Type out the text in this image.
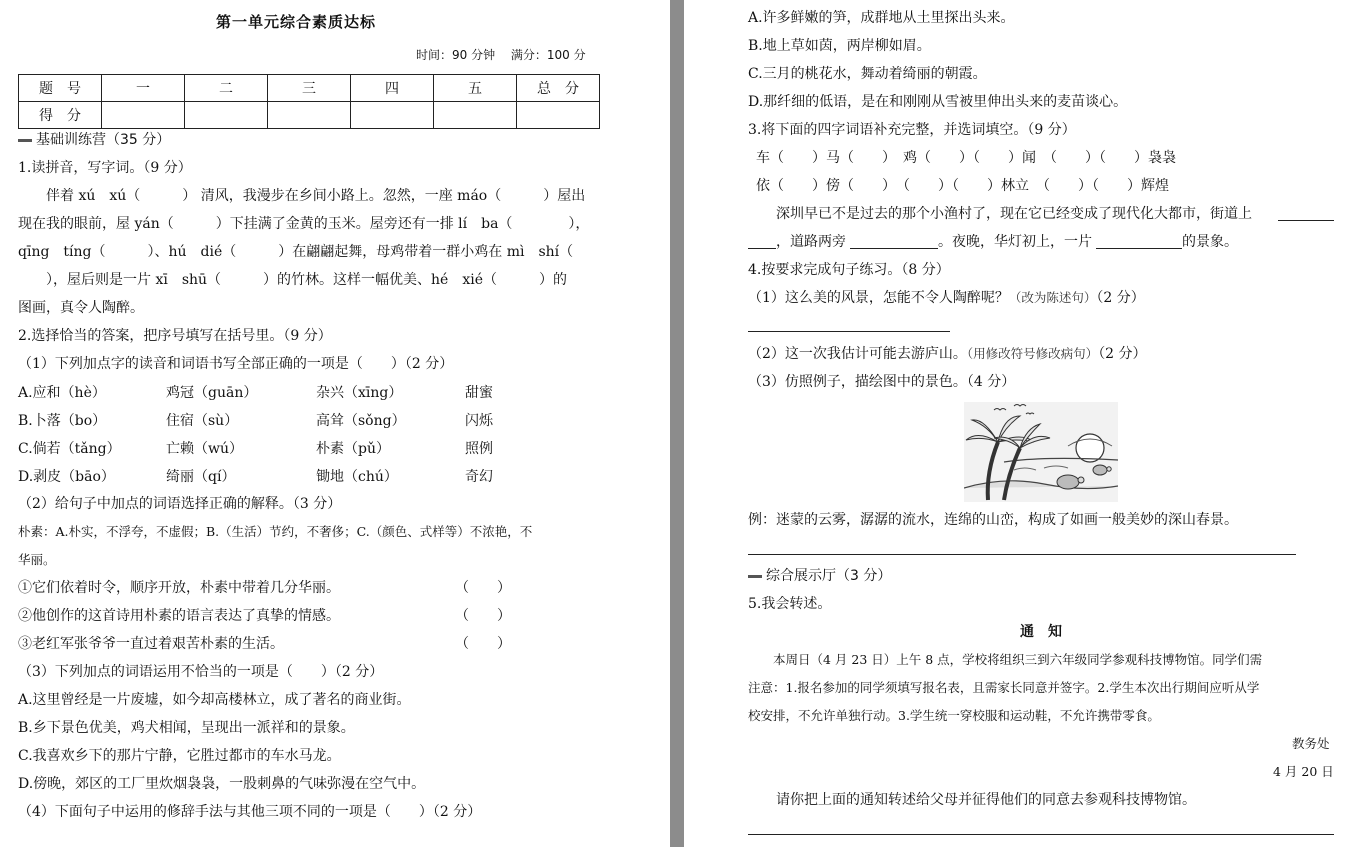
第一单元综合素质达标
时间：90 分钟　 满分：100 分
题　号	一	二	三	四	五	总　分
得　分						
基础训练营（35 分）
1.读拼音，写字词。（9 分）
　　伴着 xú　xú（　　　） 清风，我漫步在乡间小路上。忽然，一座 máo（　　　）屋出
现在我的眼前，屋 yán（　　　）下挂满了金黄的玉米。屋旁还有一排 lí　ba（　　　　），
qīng　tíng（　　　）、hú　dié（　　　）在翩翩起舞，母鸡带着一群小鸡在 mì　shí（
　　），屋后则是一片 xī　shū（　　　）的竹林。这样一幅优美、hé　xié（　　　）的
图画，真令人陶醉。
2.选择恰当的答案，把序号填写在括号里。（9 分）
（1）下列加点字的读音和词语书写全部正确的一项是（　　）（2 分）
A.应和（hè）	鸡冠（guān）	杂兴（xīng）	甜蜜
B.卜落（bo）	住宿（sù）	高耸（sǒng）	闪烁
C.倘若（tǎng）	亡赖（wú）	朴素（pǔ）	照例
D.剥皮（bāo）	绮丽（qí）	锄地（chú）	奇幻
（2）给句子中加点的词语选择正确的解释。（3 分）
朴素：A.朴实，不浮夸，不虚假；B.（生活）节约，不奢侈；C.（颜色、式样等）不浓艳，不
华丽。
①它们依着时令，顺序开放，朴素中带着几分华丽。	（　　）
②他创作的这首诗用朴素的语言表达了真挚的情感。	（　　）
③老红军张爷爷一直过着艰苦朴素的生活。	（　　）
（3）下列加点的词语运用不恰当的一项是（　　）（2 分）
A.这里曾经是一片废墟，如今却高楼林立，成了著名的商业街。
B.乡下景色优美，鸡犬相闻，呈现出一派祥和的景象。
C.我喜欢乡下的那片宁静，它胜过都市的车水马龙。
D.傍晚，郊区的工厂里炊烟袅袅，一股刺鼻的气味弥漫在空气中。
（4）下面句子中运用的修辞手法与其他三项不同的一项是（　　）（2 分）
A.许多鲜嫩的笋，成群地从土里探出头来。
B.地上草如茵，两岸柳如眉。
C.三月的桃花水，舞动着绮丽的朝霞。
D.那纤细的低语，是在和刚刚从雪被里伸出头来的麦苗谈心。
3.将下面的四字词语补充完整，并选词填空。（9 分）
车（　　）马（　　）　鸡（　　）（　　）闻　（　　）（　　）袅袅
依（　　）傍（　　）　（　　）（　　）林立　（　　）（　　）辉煌
　　深圳早已不是过去的那个小渔村了，现在它已经变成了现代化大都市，街道上
，道路两旁	。夜晚，华灯初上，一片	的景象。
4.按要求完成句子练习。（8 分）
（1）这么美的风景，怎能不令人陶醉呢？（改为陈述句）（2 分）
（2）这一次我估计可能去游庐山。（用修改符号修改病句）（2 分）
（3）仿照例子，描绘图中的景色。（4 分）
例：迷蒙的云雾，潺潺的流水，连绵的山峦，构成了如画一般美妙的深山春景。
综合展示厅（3 分）
5.我会转述。
通　知
　　本周日（4 月 23 日）上午 8 点，学校将组织三到六年级同学参观科技博物馆。同学们需
注意：1.报名参加的同学须填写报名表，且需家长同意并签字。2.学生本次出行期间应听从学
校安排，不允许单独行动。3.学生统一穿校服和运动鞋，不允许携带零食。
教务处
4 月 20 日
　　请你把上面的通知转述给父母并征得他们的同意去参观科技博物馆。
